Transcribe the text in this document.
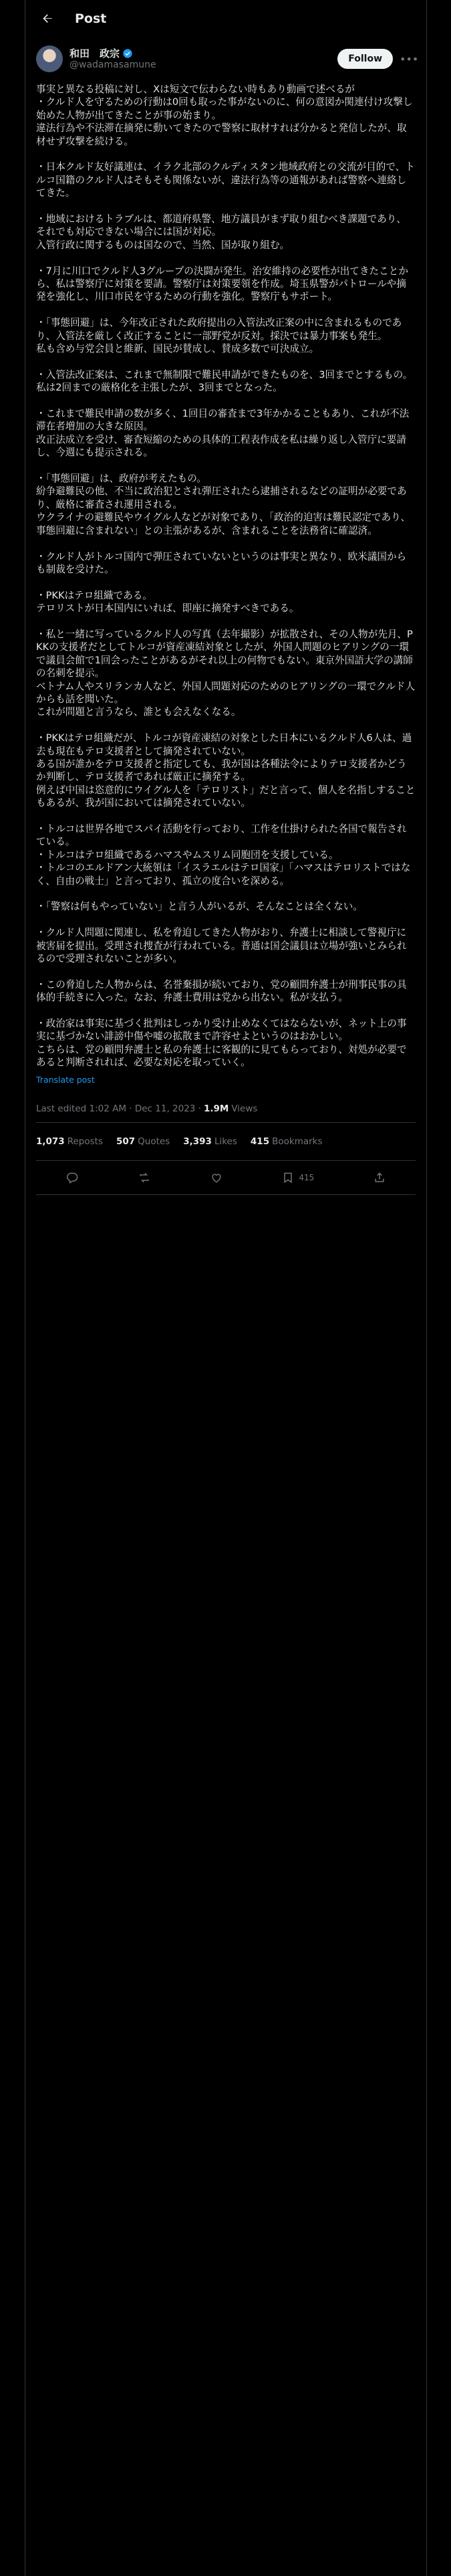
Post
和田　政宗
@wadamasamune
Follow	•••
事実と異なる投稿に対し、Xは短文で伝わらない時もあり動画で述べるが
・クルド人を守るための行動は0回も取った事がないのに、何の意図か関連付け攻撃し始めた人物が出てきたことが事の始まり。
違法行為や不法滞在摘発に動いてきたので警察に取材すれば分かると発信したが、取材せず攻撃を続ける。
・日本クルド友好議連は、イラク北部のクルディスタン地域政府との交流が目的で、トルコ国籍のクルド人はそもそも関係ないが、違法行為等の通報があれば警察へ連絡してきた。
・地域におけるトラブルは、都道府県警、地方議員がまず取り組むべき課題であり、それでも対応できない場合には国が対応。
入管行政に関するものは国なので、当然、国が取り組む。
・7月に川口でクルド人3グループの決闘が発生。治安維持の必要性が出てきたことから、私は警察庁に対策を要請。警察庁は対策要領を作成。埼玉県警がパトロールや摘発を強化し、川口市民を守るための行動を強化。警察庁もサポート。
・「事態回避」は、今年改正された政府提出の入管法改正案の中に含まれるものであり、入管法を厳しく改正することに一部野党が反対。採決では暴力事案も発生。
私も含め与党会員と維新、国民が賛成し、賛成多数で可決成立。
・入管法改正案は、これまで無制限で難民申請ができたものを、3回までとするもの。
私は2回までの厳格化を主張したが、3回までとなった。
・これまで難民申請の数が多く、1回目の審査まで3年かかることもあり、これが不法滞在者増加の大きな原因。
改正法成立を受け、審査短縮のための具体的工程表作成を私は繰り返し入管庁に要請し、今週にも提示される。
・「事態回避」は、政府が考えたもの。
紛争避難民の他、不当に政治犯とされ弾圧されたら逮捕されるなどの証明が必要であり、厳格に審査され運用される。
ウクライナの避難民やウイグル人などが対象であり、「政治的迫害は難民認定であり、事態回避に含まれない」との主張があるが、含まれることを法務省に確認済。
・クルド人がトルコ国内で弾圧されていないというのは事実と異なり、欧米議国からも制裁を受けた。
・PKKはテロ組織である。
テロリストが日本国内にいれば、即座に摘発すべきである。
・私と一緒に写っているクルド人の写真（去年撮影）が拡散され、その人物が先月、PKKの支援者だとしてトルコが資産凍結対象としたが、外国人問題のヒアリングの一環で議員会館で1回会ったことがあるがそれ以上の何物でもない。東京外国語大学の講師の名刺を提示。
ベトナム人やスリランカ人など、外国人問題対応のためのヒアリングの一環でクルド人からも話を聞いた。
これが問題と言うなら、誰とも会えなくなる。
・PKKはテロ組織だが、トルコが資産凍結の対象とした日本にいるクルド人6人は、過去も現在もテロ支援者として摘発されていない。
ある国が誰かをテロ支援者と指定しても、我が国は各種法令によりテロ支援者かどうか判断し、テロ支援者であれば厳正に摘発する。
例えば中国は恣意的にウイグル人を「テロリスト」だと言って、個人を名指しすることもあるが、我が国においては摘発されていない。
・トルコは世界各地でスパイ活動を行っており、工作を仕掛けられた各国で報告されている。
・トルコはテロ組織であるハマスやムスリム同胞団を支援している。
・トルコのエルドアン大統領は「イスラエルはテロ国家」「ハマスはテロリストではなく、自由の戦士」と言っており、孤立の度合いを深める。
・「警察は何もやっていない」と言う人がいるが、そんなことは全くない。
・クルド人問題に関連し、私を脅迫してきた人物がおり、弁護士に相談して警視庁に被害届を提出。受理され捜査が行われている。普通は国会議員は立場が強いとみられるので受理されないことが多い。
・この脅迫した人物からは、名誉棄損が続いており、党の顧問弁護士が刑事民事の具体的手続きに入った。なお、弁護士費用は党から出ない。私が支払う。
・政治家は事実に基づく批判はしっかり受け止めなくてはならないが、ネット上の事実に基づかない誹謗中傷や嘘の拡散まで許容せよというのはおかしい。
こちらは、党の顧問弁護士と私の弁護士に客観的に見てもらっており、対処が必要であると判断されれば、必要な対応を取っていく。
Translate post
Last edited 1:02 AM · Dec 11, 2023 · 1.9M Views
1,073 Reposts 507 Quotes 3,393 Likes 415 Bookmarks
415
